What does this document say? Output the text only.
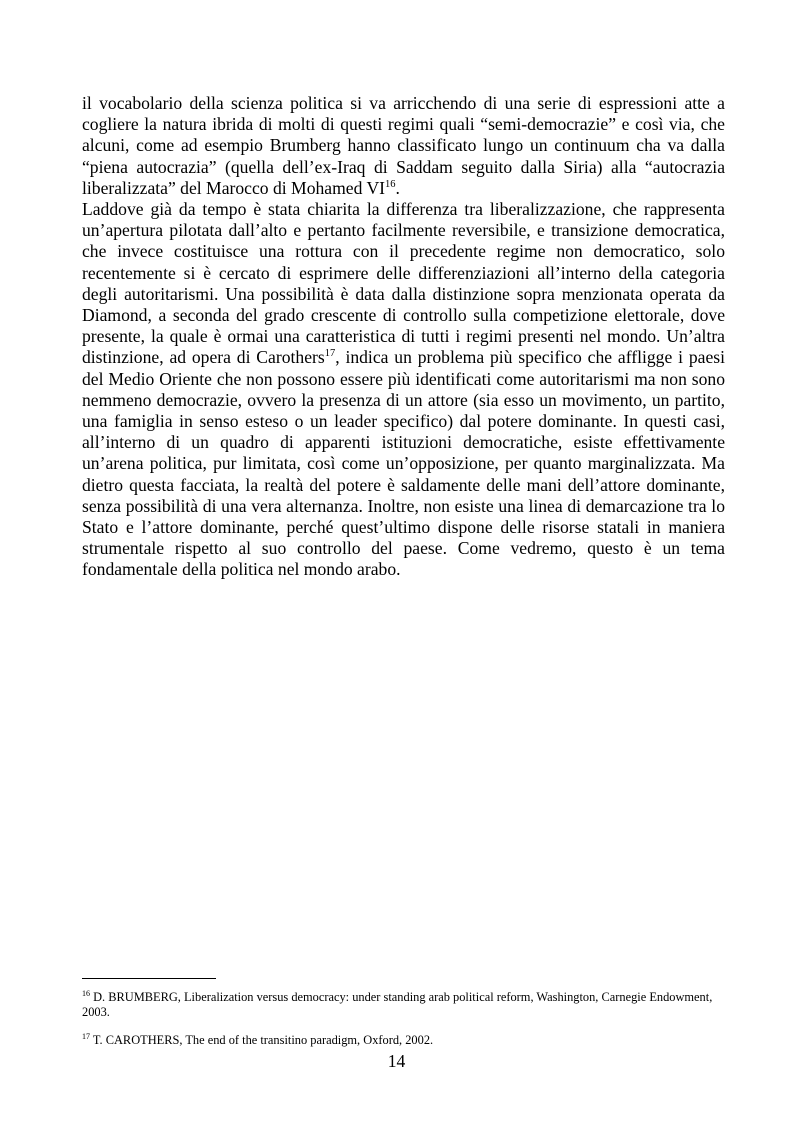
il vocabolario della scienza politica si va arricchendo di una serie di espressioni atte a cogliere la natura ibrida di molti di questi regimi quali “semi-democrazie” e così via, che alcuni, come ad esempio Brumberg hanno classificato lungo un continuum cha va dalla “piena autocrazia” (quella dell’ex-Iraq di Saddam seguito dalla Siria) alla “autocrazia liberalizzata” del Marocco di Mohamed VI$^{16}$.

Laddove già da tempo è stata chiarita la differenza tra liberalizzazione, che rappresenta un’apertura pilotata dall’alto e pertanto facilmente reversibile, e transizione democratica, che invece costituisce una rottura con il precedente regime non democratico, solo recentemente si è cercato di esprimere delle differenziazioni all’interno della categoria degli autoritarismi. Una possibilità è data dalla distinzione sopra menzionata operata da Diamond, a seconda del grado crescente di controllo sulla competizione elettorale, dove presente, la quale è ormai una caratteristica di tutti i regimi presenti nel mondo. Un’altra distinzione, ad opera di Carothers$^{17}$, indica un problema più specifico che affligge i paesi del Medio Oriente che non possono essere più identificati come autoritarismi ma non sono nemmeno democrazie, ovvero la presenza di un attore (sia esso un movimento, un partito, una famiglia in senso esteso o un leader specifico) dal potere dominante. In questi casi, all’interno di un quadro di apparenti istituzioni democratiche, esiste effettivamente un’arena politica, pur limitata, così come un’opposizione, per quanto marginalizzata. Ma dietro questa facciata, la realtà del potere è saldamente delle mani dell’attore dominante, senza possibilità di una vera alternanza. Inoltre, non esiste una linea di demarcazione tra lo Stato e l’attore dominante, perché quest’ultimo dispone delle risorse statali in maniera strumentale rispetto al suo controllo del paese. Come vedremo, questo è un tema fondamentale della politica nel mondo arabo.

$^{16}$ D. BRUMBERG, Liberalization versus democracy: under standing arab political reform, Washington, Carnegie Endowment, 2003.

$^{17}$ T. CAROTHERS, The end of the transitino paradigm, Oxford, 2002.

14
